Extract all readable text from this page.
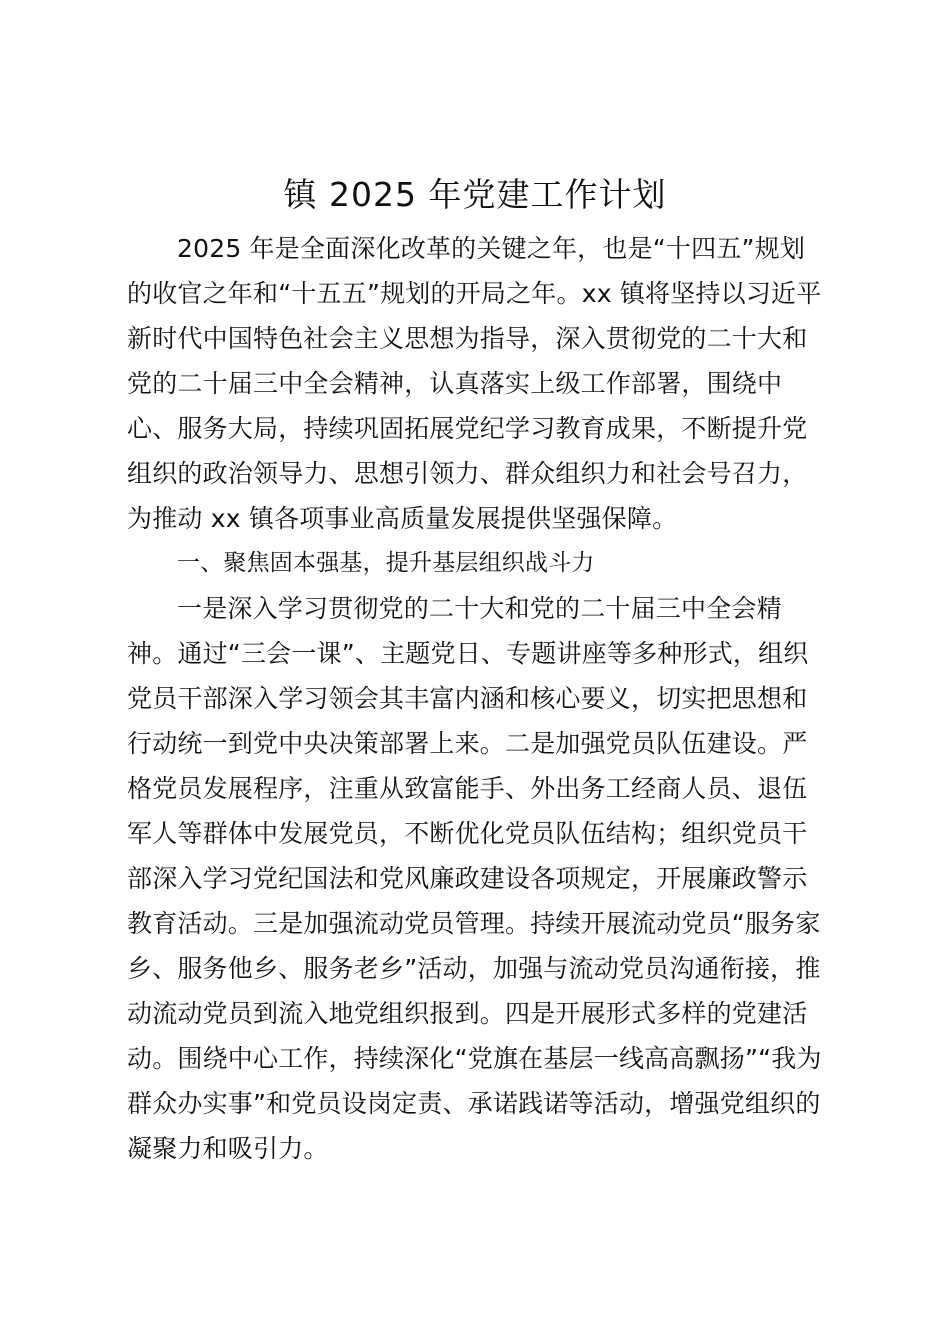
镇 2025 年党建工作计划

2025 年是全面深化改革的关键之年，也是“十四五”规划
的收官之年和“十五五”规划的开局之年。xx 镇将坚持以习近平
新时代中国特色社会主义思想为指导，深入贯彻党的二十大和
党的二十届三中全会精神，认真落实上级工作部署，围绕中
心、服务大局，持续巩固拓展党纪学习教育成果，不断提升党
组织的政治领导力、思想引领力、群众组织力和社会号召力，
为推动 xx 镇各项事业高质量发展提供坚强保障。

一、聚焦固本强基，提升基层组织战斗力

一是深入学习贯彻党的二十大和党的二十届三中全会精
神。通过“三会一课”、主题党日、专题讲座等多种形式，组织
党员干部深入学习领会其丰富内涵和核心要义，切实把思想和
行动统一到党中央决策部署上来。二是加强党员队伍建设。严
格党员发展程序，注重从致富能手、外出务工经商人员、退伍
军人等群体中发展党员，不断优化党员队伍结构；组织党员干
部深入学习党纪国法和党风廉政建设各项规定，开展廉政警示
教育活动。三是加强流动党员管理。持续开展流动党员“服务家
乡、服务他乡、服务老乡”活动，加强与流动党员沟通衔接，推
动流动党员到流入地党组织报到。四是开展形式多样的党建活
动。围绕中心工作，持续深化“党旗在基层一线高高飘扬”“我为
群众办实事”和党员设岗定责、承诺践诺等活动，增强党组织的
凝聚力和吸引力。
